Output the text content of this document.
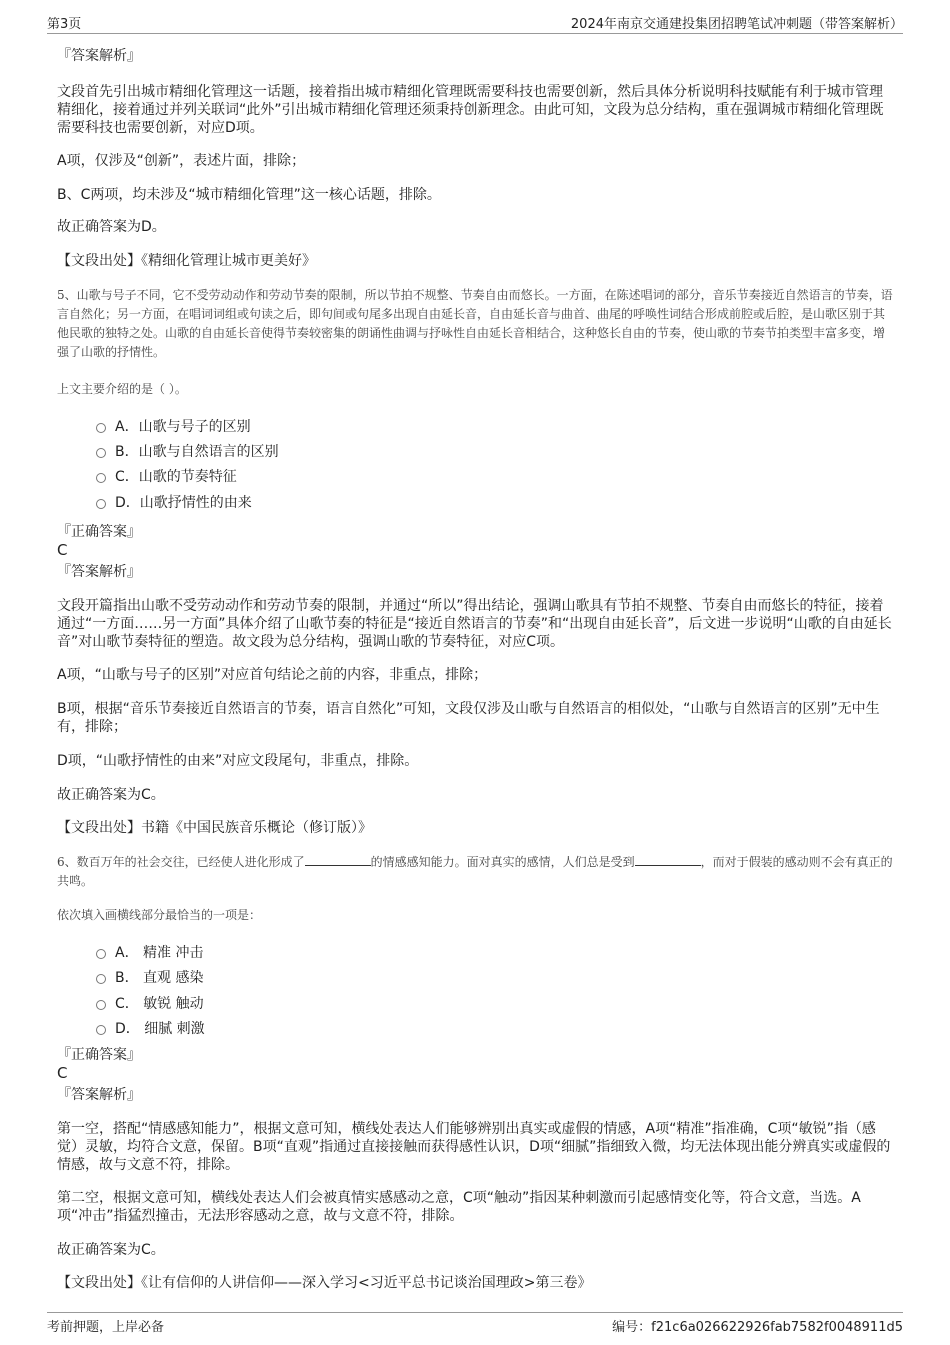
第3页	2024年南京交通建投集团招聘笔试冲刺题（带答案解析）
『答案解析』
文段首先引出城市精细化管理这一话题，接着指出城市精细化管理既需要科技也需要创新，然后具体分析说明科技赋能有利于城市管理精细化，接着通过并列关联词“此外”引出城市精细化管理还须秉持创新理念。由此可知，文段为总分结构，重在强调城市精细化管理既需要科技也需要创新，对应D项。
A项，仅涉及“创新”，表述片面，排除；
B、C两项，均未涉及“城市精细化管理”这一核心话题，排除。
故正确答案为D。
【文段出处】《精细化管理让城市更美好》
5、山歌与号子不同，它不受劳动动作和劳动节奏的限制，所以节拍不规整、节奏自由而悠长。一方面，在陈述唱词的部分，音乐节奏接近自然语言的节奏，语言自然化；另一方面，在唱词词组或句读之后，即句间或句尾多出现自由延长音，自由延长音与曲首、曲尾的呼唤性词结合形成前腔或后腔，是山歌区别于其他民歌的独特之处。山歌的自由延长音使得节奏较密集的朗诵性曲调与抒咏性自由延长音相结合，这种悠长自由的节奏，使山歌的节奏节拍类型丰富多变，增强了山歌的抒情性。
上文主要介绍的是（ ）。
A．山歌与号子的区别
B．山歌与自然语言的区别
C．山歌的节奏特征
D．山歌抒情性的由来
『正确答案』
C
『答案解析』
文段开篇指出山歌不受劳动动作和劳动节奏的限制，并通过“所以”得出结论，强调山歌具有节拍不规整、节奏自由而悠长的特征，接着通过“一方面……另一方面”具体介绍了山歌节奏的特征是“接近自然语言的节奏”和“出现自由延长音”，后文进一步说明“山歌的自由延长音”对山歌节奏特征的塑造。故文段为总分结构，强调山歌的节奏特征，对应C项。
A项，“山歌与号子的区别”对应首句结论之前的内容，非重点，排除；
B项，根据“音乐节奏接近自然语言的节奏，语言自然化”可知，文段仅涉及山歌与自然语言的相似处，“山歌与自然语言的区别”无中生有，排除；
D项，“山歌抒情性的由来”对应文段尾句，非重点，排除。
故正确答案为C。
【文段出处】书籍《中国民族音乐概论（修订版）》
6、数百万年的社会交往，已经使人进化形成了	的情感感知能力。面对真实的感情，人们总是受到	，而对于假装的感动则不会有真正的共鸣。
依次填入画横线部分最恰当的一项是：
A． 精准 冲击
B． 直观 感染
C． 敏锐 触动
D． 细腻 刺激
『正确答案』
C
『答案解析』
第一空，搭配“情感感知能力”，根据文意可知，横线处表达人们能够辨别出真实或虚假的情感，A项“精准”指准确，C项“敏锐”指（感觉）灵敏，均符合文意，保留。B项“直观”指通过直接接触而获得感性认识，D项“细腻”指细致入微，均无法体现出能分辨真实或虚假的情感，故与文意不符，排除。
第二空，根据文意可知，横线处表达人们会被真情实感感动之意，C项“触动”指因某种刺激而引起感情变化等，符合文意，当选。A项“冲击”指猛烈撞击，无法形容感动之意，故与文意不符，排除。
故正确答案为C。
【文段出处】《让有信仰的人讲信仰——深入学习<习近平总书记谈治国理政>第三卷》
考前押题，上岸必备	编号：f21c6a026622926fab7582f0048911d5
